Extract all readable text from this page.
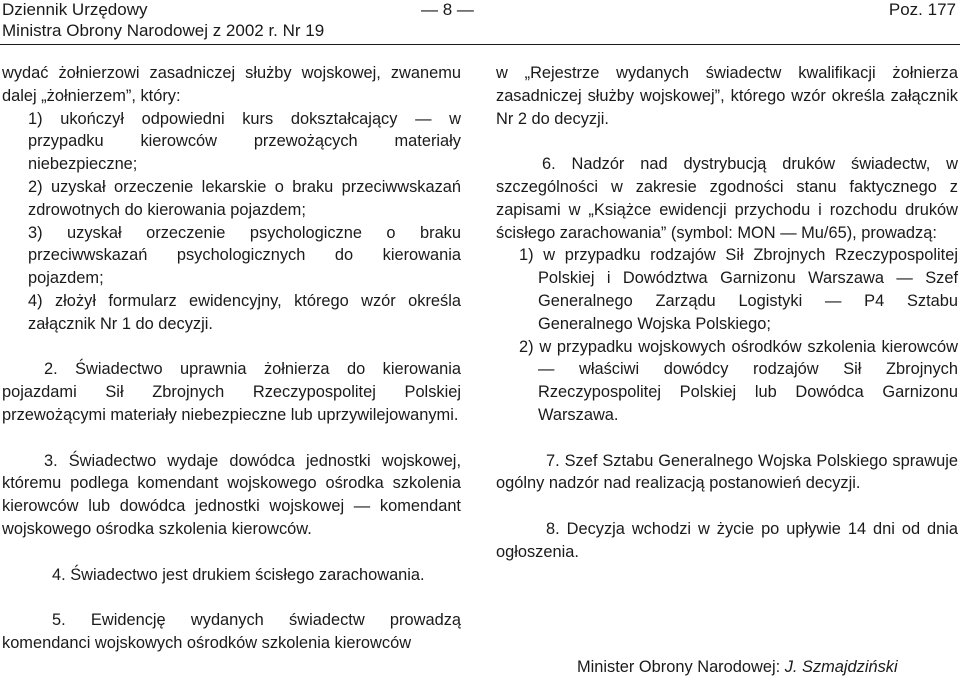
Dziennik Urzędowy	— 8 —	Poz. 177
Ministra Obrony Narodowej z 2002 r. Nr 19

wydać żołnierzowi zasadniczej służby wojskowej, zwanemu dalej „żołnierzem”, który:

1) ukończył odpowiedni kurs dokształcający — w przypadku kierowców przewożących materiały niebezpieczne;

2) uzyskał orzeczenie lekarskie o braku przeciwwskazań zdrowotnych do kierowania pojazdem;

3) uzyskał orzeczenie psychologiczne o braku przeciwwskazań psychologicznych do kierowania pojazdem;

4) złożył formularz ewidencyjny, którego wzór określa załącznik Nr 1 do decyzji.

2. Świadectwo uprawnia żołnierza do kierowania pojazdami Sił Zbrojnych Rzeczypospolitej Polskiej przewożącymi materiały niebezpieczne lub uprzywilejowanymi.

3. Świadectwo wydaje dowódca jednostki wojskowej, któremu podlega komendant wojskowego ośrodka szkolenia kierowców lub dowódca jednostki wojskowej — komendant wojskowego ośrodka szkolenia kierowców.

4. Świadectwo jest drukiem ścisłego zarachowania.

5. Ewidencję wydanych świadectw prowadzą komendanci wojskowych ośrodków szkolenia kierowców

w „Rejestrze wydanych świadectw kwalifikacji żołnierza zasadniczej służby wojskowej”, którego wzór określa załącznik Nr 2 do decyzji.

6. Nadzór nad dystrybucją druków świadectw, w szczególności w zakresie zgodności stanu faktycznego z zapisami w „Książce ewidencji przychodu i rozchodu druków ścisłego zarachowania” (symbol: MON — Mu/65), prowadzą:

1) w przypadku rodzajów Sił Zbrojnych Rzeczypospolitej Polskiej i Dowództwa Garnizonu Warszawa — Szef Generalnego Zarządu Logistyki — P4 Sztabu Generalnego Wojska Polskiego;

2) w przypadku wojskowych ośrodków szkolenia kierowców — właściwi dowódcy rodzajów Sił Zbrojnych Rzeczypospolitej Polskiej lub Dowódca Garnizonu Warszawa.

7. Szef Sztabu Generalnego Wojska Polskiego sprawuje ogólny nadzór nad realizacją postanowień decyzji.

8. Decyzja wchodzi w życie po upływie 14 dni od dnia ogłoszenia.

Minister Obrony Narodowej: J. Szmajdziński
